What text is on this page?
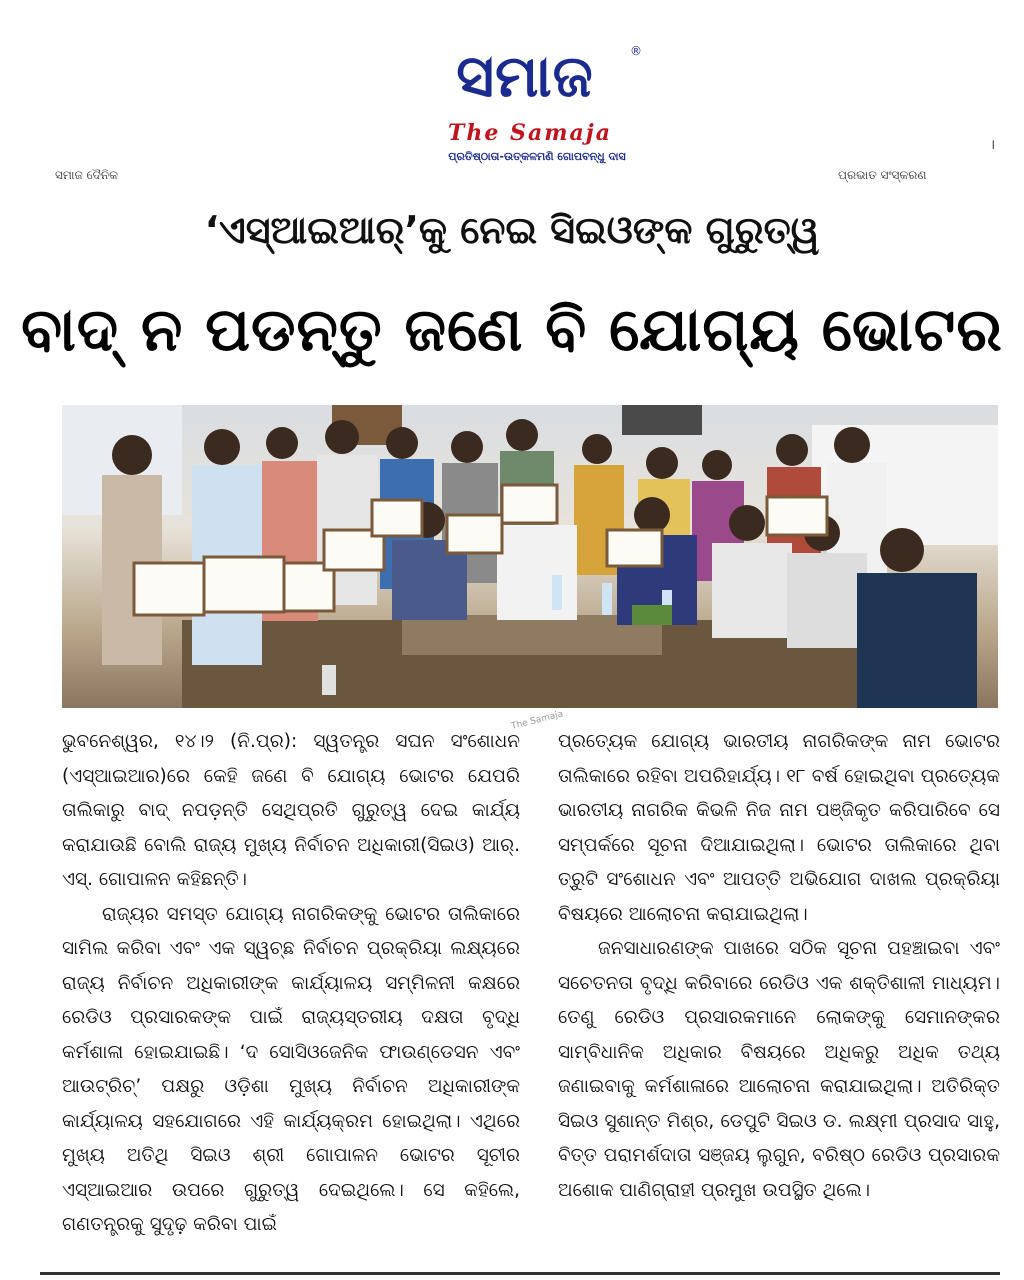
ସମାଜ	®
The Samaja
ପ୍ରତିଷ୍ଠାତା-ଉତ୍କଳମଣି ଗୋପବନ୍ଧୁ ଦାସ
।
ସମାଜ ଦୈନିକ	ପ୍ରଭାତ ସଂସ୍କରଣ
‘ଏସ୍‌ଆଇଆର୍‌’କୁ ନେଇ ସିଇଓଙ୍କ ଗୁରୁତ୍ୱ
ବାଦ୍‌ ନ ପଡନ୍ତୁ ଜଣେ ବି ଯୋଗ୍ୟ ଭୋଟର
The Samaja

ଭୁବନେଶ୍ୱର, ୧୪।୨ (ନି.ପ୍ର): ସ୍ୱତନ୍ତ୍ର ସଘନ ସଂଶୋଧନ (ଏସ୍‌ଆଇଆର)ରେ କେହି ଜଣେ ବି ଯୋଗ୍ୟ ଭୋଟର ଯେପରି ତାଲିକାରୁ ବାଦ୍‌ ନପଡ଼ନ୍ତି ସେଥିପ୍ରତି ଗୁରୁତ୍ୱ ଦେଇ କାର୍ଯ୍ୟ କରାଯାଉଛି ବୋଲି ରାଜ୍ୟ ମୁଖ୍ୟ ନିର୍ବାଚନ ଅଧିକାରୀ(ସିଇଓ) ଆର୍‌. ଏସ୍‌. ଗୋପାଳନ କହିଛନ୍ତି।

ରାଜ୍ୟର ସମସ୍ତ ଯୋଗ୍ୟ ନାଗରିକଙ୍କୁ ଭୋଟର ତାଲିକାରେ ସାମିଲ କରିବା ଏବଂ ଏକ ସ୍ୱଚ୍ଛ ନିର୍ବାଚନ ପ୍ରକ୍ରିୟା ଲକ୍ଷ୍ୟରେ ରାଜ୍ୟ ନିର୍ବାଚନ ଅଧିକାରୀଙ୍କ କାର୍ଯ୍ୟାଳୟ ସମ୍ମିଳନୀ କକ୍ଷରେ ରେଡିଓ ପ୍ରସାରକଙ୍କ ପାଇଁ ରାଜ୍ୟସ୍ତରୀୟ ଦକ୍ଷତା ବୃଦ୍ଧି କର୍ମଶାଳା ହୋଇଯାଇଛି। ‘ଦ ସୋସିଓଜେନିକ ଫାଉଣ୍ଡେସନ ଏବଂ ଆଉଟ୍‌ରିଚ୍‌’ ପକ୍ଷରୁ ଓଡ଼ିଶା ମୁଖ୍ୟ ନିର୍ବାଚନ ଅଧିକାରୀଙ୍କ କାର୍ଯ୍ୟାଳୟ ସହଯୋଗରେ ଏହି କାର୍ଯ୍ୟକ୍ରମ ହୋଇଥିଲା। ଏଥିରେ ମୁଖ୍ୟ ଅତିଥି ସିଇଓ ଶ୍ରୀ ଗୋପାଳନ ଭୋଟର ସୂଚୀର ଏସ୍‌ଆଇଆର ଉପରେ ଗୁରୁତ୍ୱ ଦେଇଥିଲେ। ସେ କହିଲେ, ଗଣତନ୍ତ୍ରକୁ ସୁଦୃଢ଼ କରିବା ପାଇଁ

ପ୍ରତ୍ୟେକ ଯୋଗ୍ୟ ଭାରତୀୟ ନାଗରିକଙ୍କ ନାମ ଭୋଟର ତାଲିକାରେ ରହିବା ଅପରିହାର୍ଯ୍ୟ। ୧୮ ବର୍ଷ ହୋଇଥିବା ପ୍ରତ୍ୟେକ ଭାରତୀୟ ନାଗରିକ କିଭଳି ନିଜ ନାମ ପଞ୍ଜିକୃତ କରିପାରିବେ ସେ ସମ୍ପର୍କରେ ସୂଚନା ଦିଆଯାଇଥିଲା। ଭୋଟର ତାଲିକାରେ ଥିବା ତ୍ରୁଟି ସଂଶୋଧନ ଏବଂ ଆପତ୍ତି ଅଭିଯୋଗ ଦାଖଲ ପ୍ରକ୍ରିୟା ବିଷୟରେ ଆଲୋଚନା କରାଯାଇଥିଲା।

ଜନସାଧାରଣଙ୍କ ପାଖରେ ସଠିକ ସୂଚନା ପହଞ୍ଚାଇବା ଏବଂ ସଚେତନତା ବୃଦ୍ଧି କରିବାରେ ରେଡିଓ ଏକ ଶକ୍ତିଶାଳୀ ମାଧ୍ୟମ। ତେଣୁ ରେଡିଓ ପ୍ରସାରକମାନେ ଲୋକଙ୍କୁ ସେମାନଙ୍କର ସାମ୍ବିଧାନିକ ଅଧିକାର ବିଷୟରେ ଅଧିକରୁ ଅଧିକ ତଥ୍ୟ ଜଣାଇବାକୁ କର୍ମଶାଳାରେ ଆଲୋଚନା କରାଯାଇଥିଲା। ଅତିରିକ୍ତ ସିଇଓ ସୁଶାନ୍ତ ମିଶ୍ର, ଡେପୁଟି ସିଇଓ ଡ. ଲକ୍ଷ୍ମୀ ପ୍ରସାଦ ସାହୁ, ବିତ୍ତ ପରାମର୍ଶଦାତା ସଞ୍ଜୟ ଲୁଗୁନ, ବରିଷ୍ଠ ରେଡିଓ ପ୍ରସାରକ ଅଶୋକ ପାଣିଗ୍ରାହୀ ପ୍ରମୁଖ ଉପସ୍ଥିତ ଥିଲେ।
